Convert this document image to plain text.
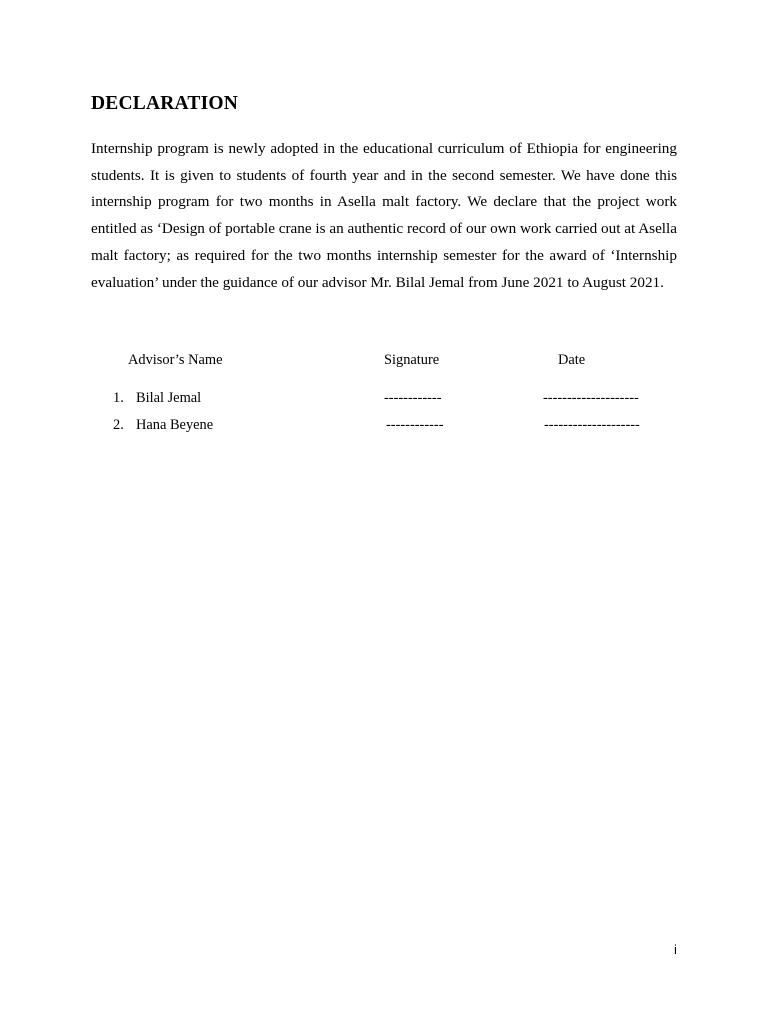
DECLARATION
Internship program is newly adopted in the educational curriculum of Ethiopia for engineering
students. It is given to students of fourth year and in the second semester. We have done this
internship program for two months in Asella malt factory. We declare that the project work
entitled as ‘Design of portable crane is an authentic record of our own work carried out at Asella
malt factory; as required for the two months internship semester for the award of ‘Internship
evaluation’ under the guidance of our advisor Mr. Bilal Jemal from June 2021 to August 2021.
Advisor’s Name	Signature	Date
1. Bilal Jemal	------------	--------------------
2. Hana Beyene	------------	--------------------
i
